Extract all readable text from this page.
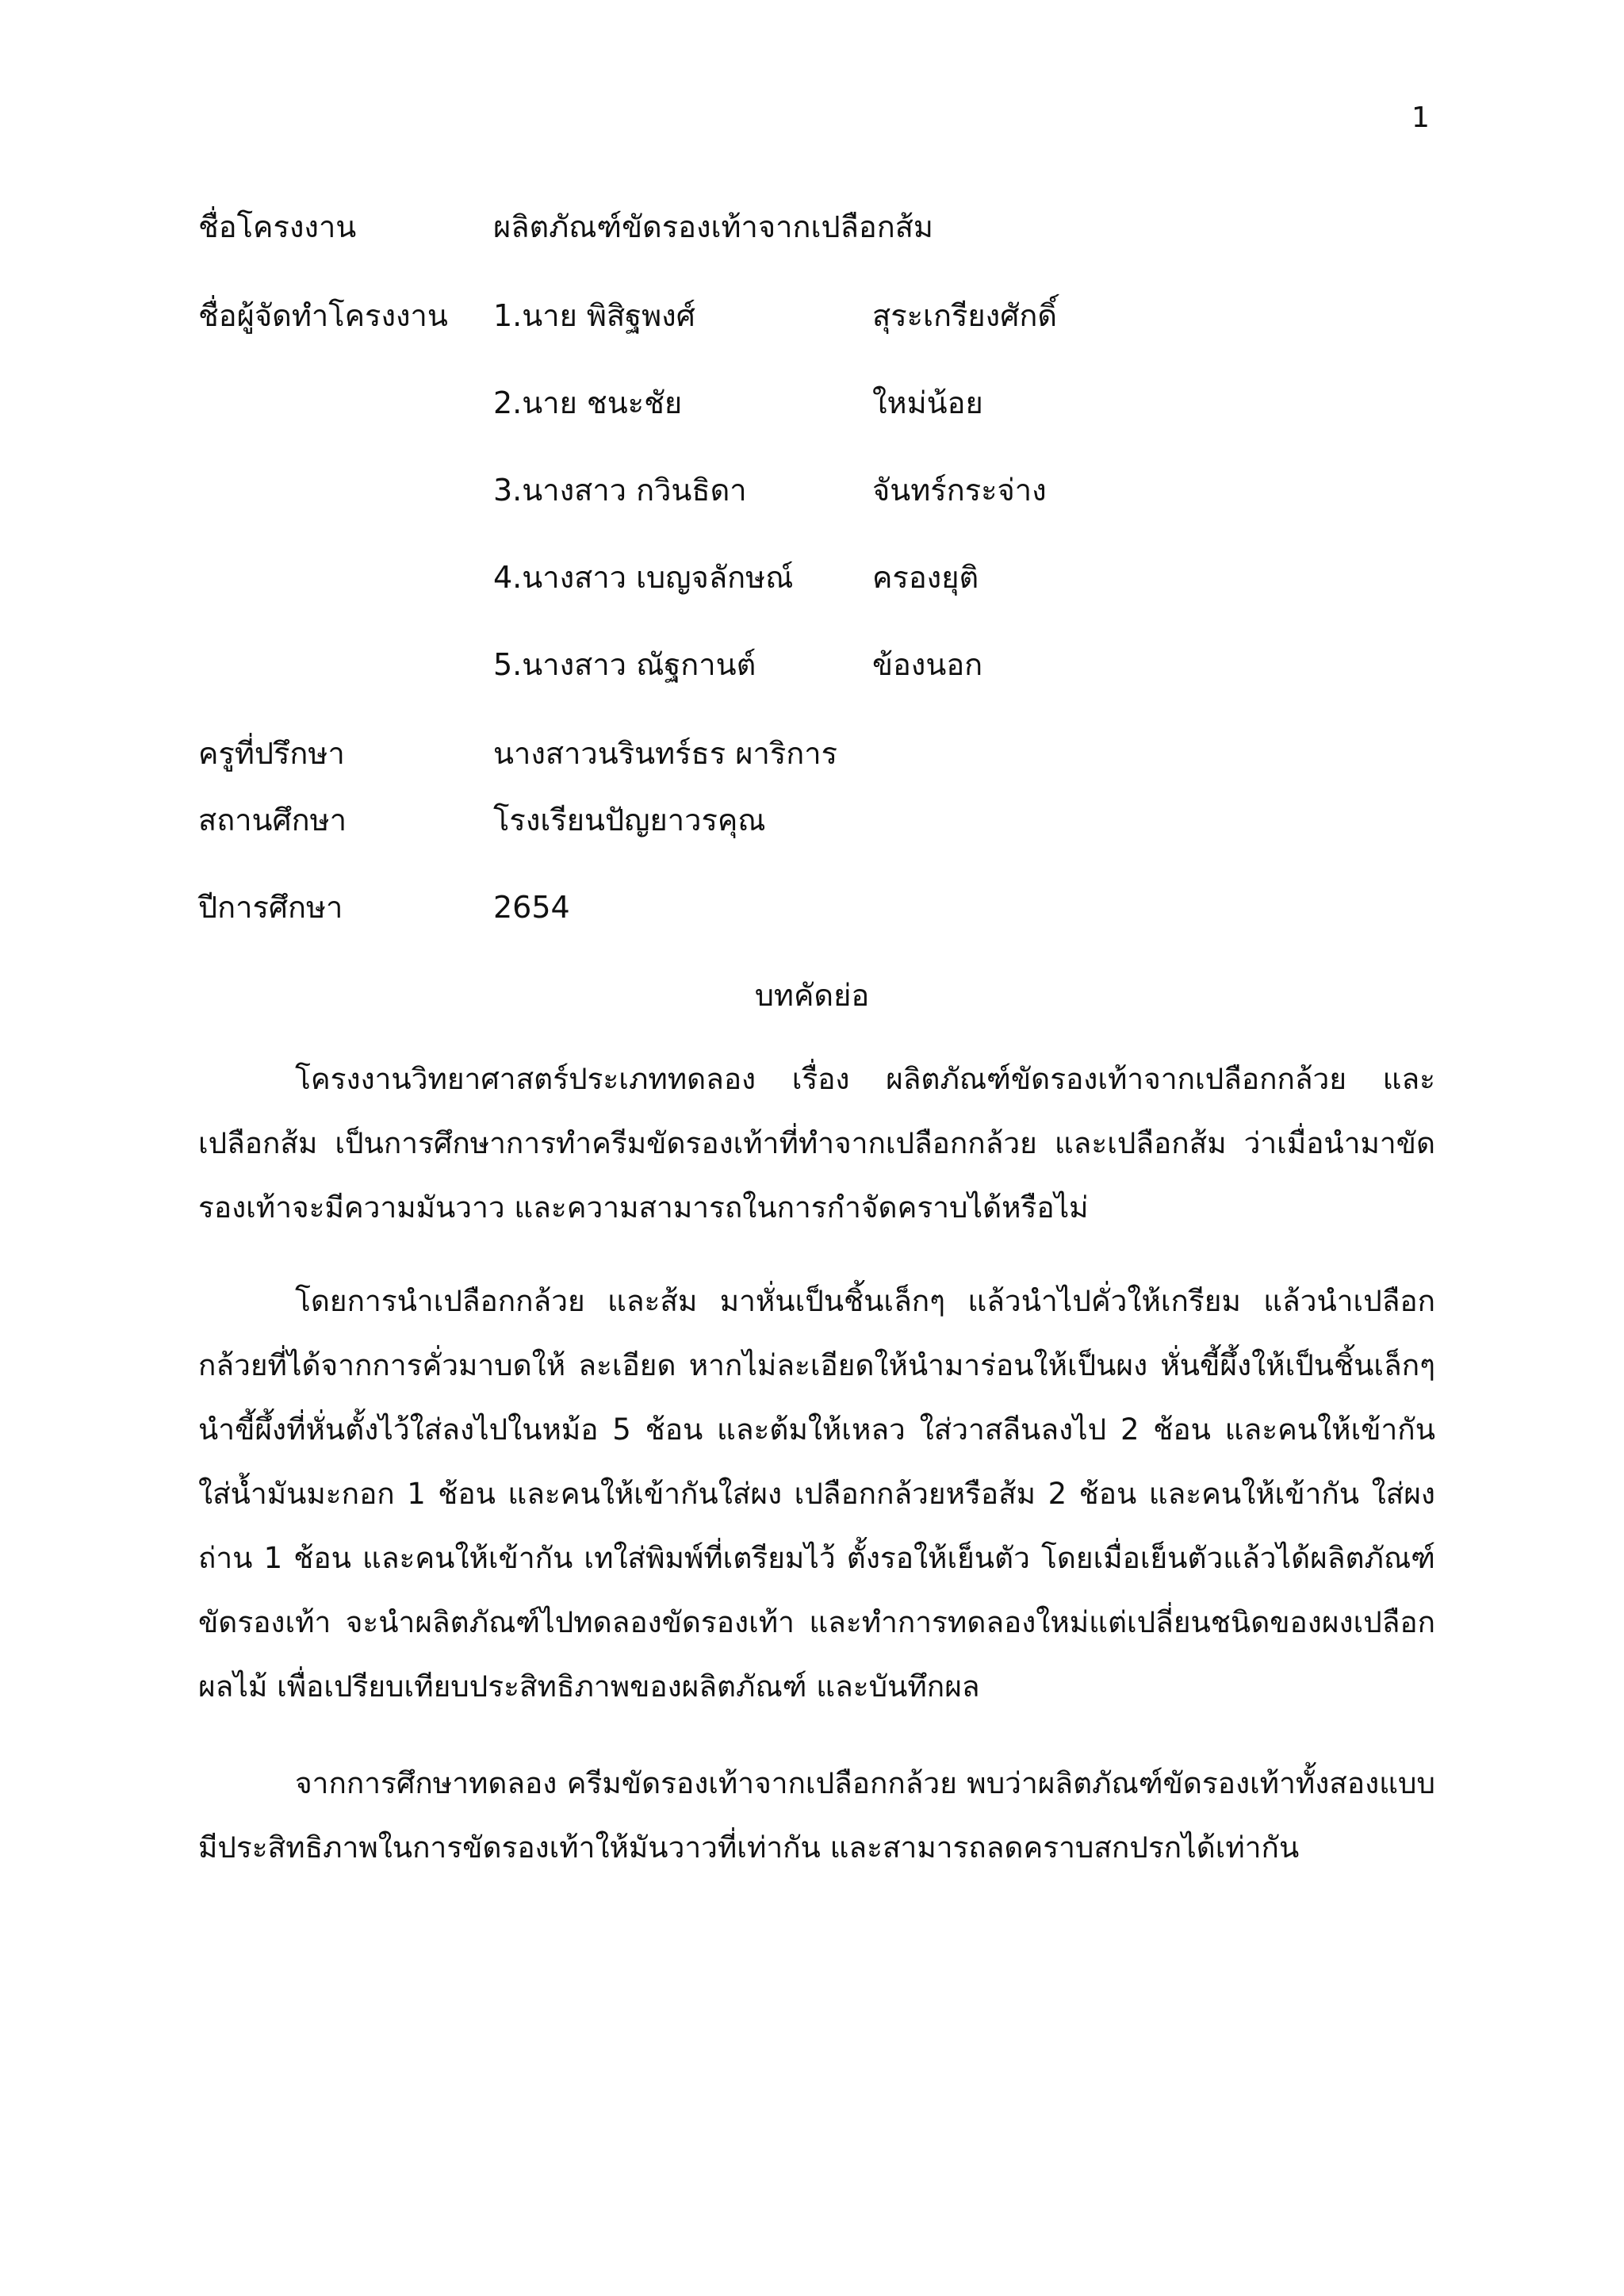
1
ชื่อโครงงาน	ผลิตภัณฑ์ขัดรองเท้าจากเปลือกส้ม
ชื่อผู้จัดทำโครงงาน 1.นาย พิสิฐพงศ์	สุระเกรียงศักดิ์
2.นาย ชนะชัย	ใหม่น้อย
3.นางสาว กวินธิดา	จันทร์กระจ่าง
4.นางสาว เบญจลักษณ์	ครองยุติ
5.นางสาว ณัฐกานต์	ข้องนอก
ครูที่ปรึกษา	นางสาวนรินทร์ธร ผาริการ
สถานศึกษา	โรงเรียนปัญยาวรคุณ
ปีการศึกษา	2654
บทคัดย่อ

โครงงานวิทยาศาสตร์ประเภททดลอง เรื่อง ผลิตภัณฑ์ขัดรองเท้าจากเปลือกกล้วย และเปลือกส้ม เป็นการศึกษาการทำครีมขัดรองเท้าที่ทำจากเปลือกกล้วย และเปลือกส้ม ว่าเมื่อนำมาขัดรองเท้าจะมีความมันวาว และความสามารถในการกำจัดคราบได้หรือไม่

โดยการนำเปลือกกล้วย และส้ม มาหั่นเป็นชิ้นเล็กๆ แล้วนำไปคั่วให้เกรียม แล้วนำเปลือกกล้วยที่ได้จากการคั่วมาบดให้ ละเอียด หากไม่ละเอียดให้นำมาร่อนให้เป็นผง หั่นขี้ผึ้งให้เป็นชิ้นเล็กๆ นำขี้ผึ้งที่หั่นตั้งไว้ใส่ลงไปในหม้อ 5 ช้อน และต้มให้เหลว ใส่วาสลีนลงไป 2 ช้อน และคนให้เข้ากัน ใส่น้ำมันมะกอก 1 ช้อน และคนให้เข้ากันใส่ผง เปลือกกล้วยหรือส้ม 2 ช้อน และคนให้เข้ากัน ใส่ผงถ่าน 1 ช้อน และคนให้เข้ากัน เทใส่พิมพ์ที่เตรียมไว้ ตั้งรอให้เย็นตัว โดยเมื่อเย็นตัวแล้วได้ผลิตภัณฑ์ขัดรองเท้า จะนำผลิตภัณฑ์ไปทดลองขัดรองเท้า และทำการทดลองใหม่แต่เปลี่ยนชนิดของผงเปลือกผลไม้ เพื่อเปรียบเทียบประสิทธิภาพของผลิตภัณฑ์ และบันทึกผล

จากการศึกษาทดลอง ครีมขัดรองเท้าจากเปลือกกล้วย พบว่าผลิตภัณฑ์ขัดรองเท้าทั้งสองแบบมีประสิทธิภาพในการขัดรองเท้าให้มันวาวที่เท่ากัน และสามารถลดคราบสกปรกได้เท่ากัน
